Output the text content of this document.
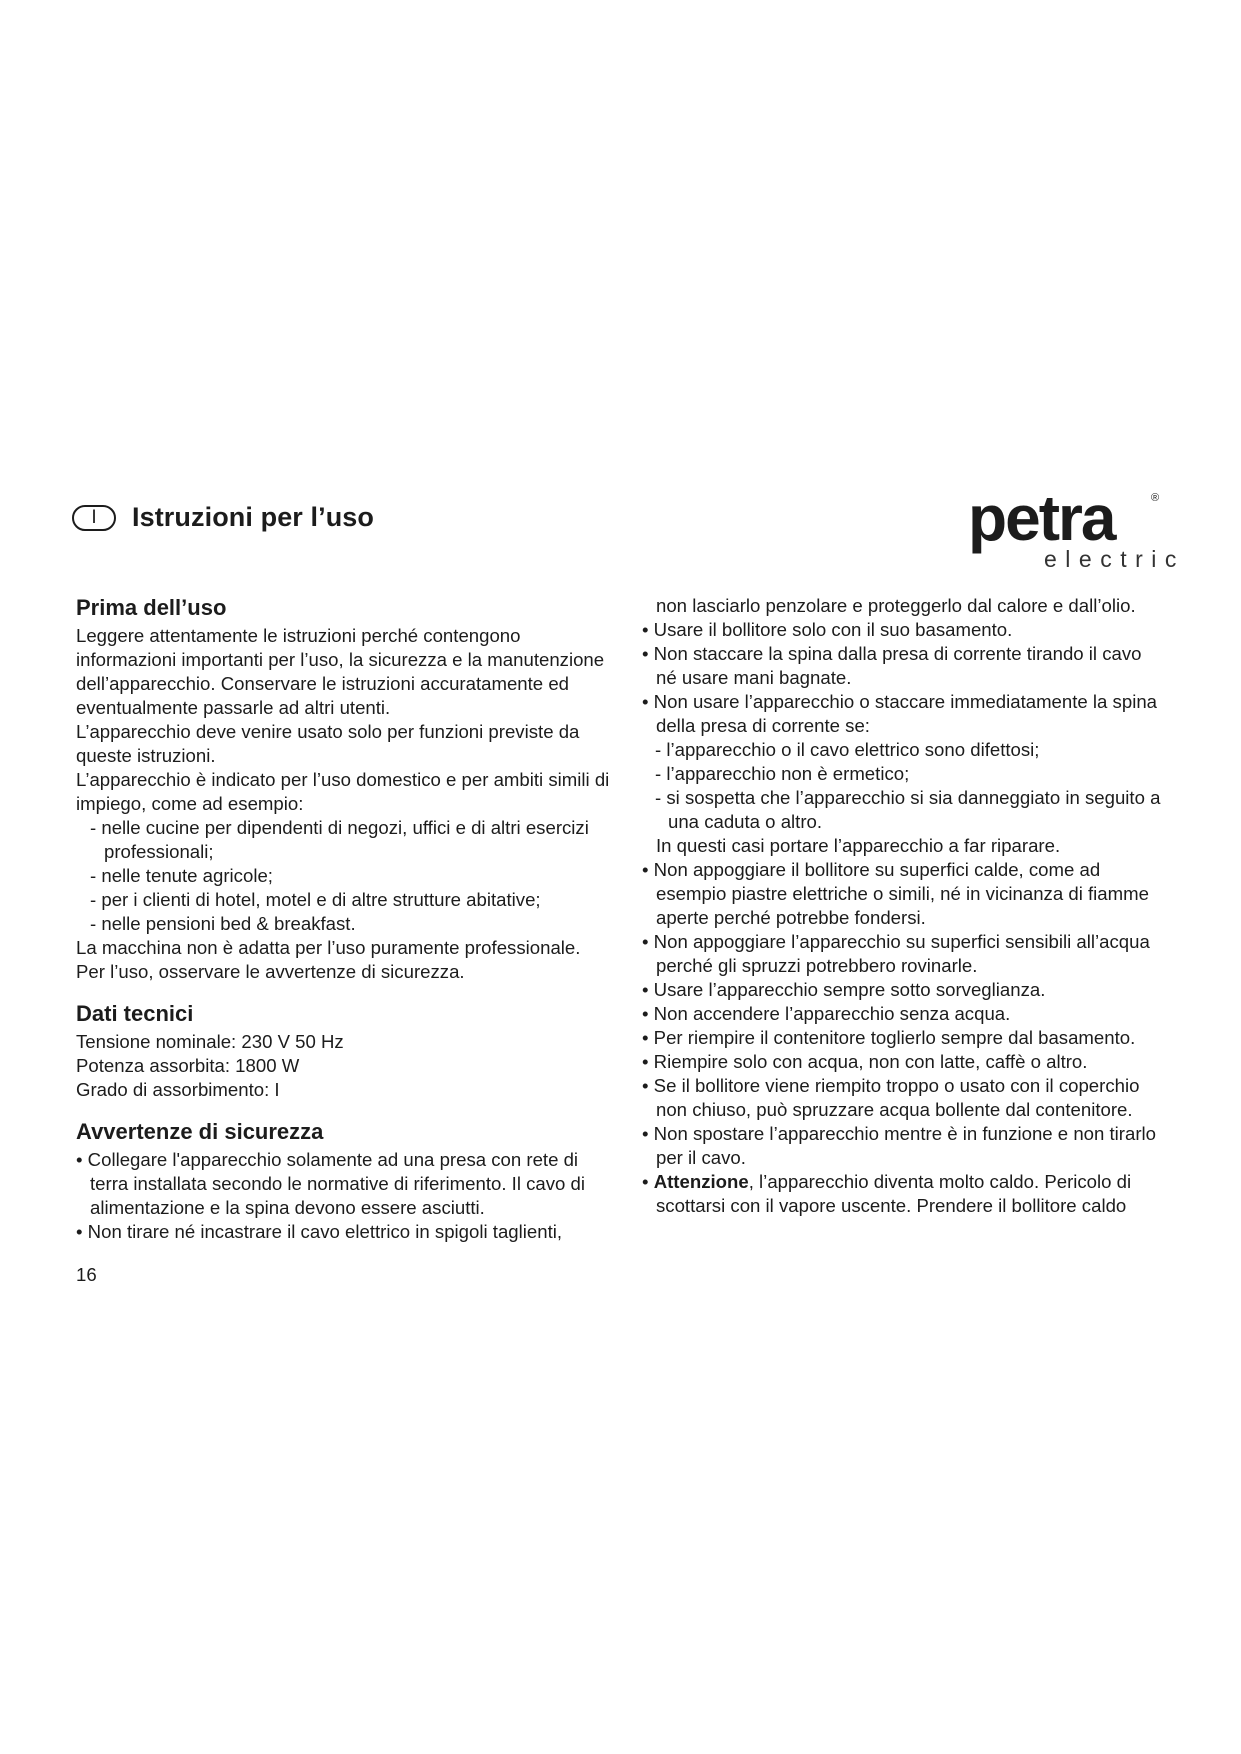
I	Istruzioni per l’uso	petra	®
electric
Prima dell’uso

Leggere attentamente le istruzioni perché contengono informazioni importanti per l’uso, la sicurezza e la manutenzione dell’apparecchio. Conservare le istruzioni accuratamente ed eventualmente passarle ad altri utenti.

L’apparecchio deve venire usato solo per funzioni previste da queste istruzioni.

L’apparecchio è indicato per l’uso domestico e per ambiti simili di impiego, come ad esempio:

- nelle cucine per dipendenti di negozi, uffici e di altri esercizi professionali;

- nelle tenute agricole;

- per i clienti di hotel, motel e di altre strutture abitative;

- nelle pensioni bed & breakfast.

La macchina non è adatta per l’uso puramente professionale.

Per l’uso, osservare le avvertenze di sicurezza.

Dati tecnici

Tensione nominale: 230 V 50 Hz

Potenza assorbita: 1800 W

Grado di assorbimento: I

Avvertenze di sicurezza

• Collegare l'apparecchio solamente ad una presa con rete di terra installata secondo le normative di riferimento. Il cavo di alimentazione e la spina devono essere asciutti.

• Non tirare né incastrare il cavo elettrico in spigoli taglienti,

16

non lasciarlo penzolare e proteggerlo dal calore e dall’olio.

• Usare il bollitore solo con il suo basamento.

• Non staccare la spina dalla presa di corrente tirando il cavo né usare mani bagnate.

• Non usare l’apparecchio o staccare immediatamente la spina della presa di corrente se:

- l’apparecchio o il cavo elettrico sono difettosi;

- l’apparecchio non è ermetico;

- si sospetta che l’apparecchio si sia danneggiato in seguito a una caduta o altro.

In questi casi portare l’apparecchio a far riparare.

• Non appoggiare il bollitore su superfici calde, come ad esempio piastre elettriche o simili, né in vicinanza di fiamme aperte perché potrebbe fondersi.

• Non appoggiare l’apparecchio su superfici sensibili all’acqua perché gli spruzzi potrebbero rovinarle.

• Usare l’apparecchio sempre sotto sorveglianza.

• Non accendere l’apparecchio senza acqua.

• Per riempire il contenitore toglierlo sempre dal basamento.

• Riempire solo con acqua, non con latte, caffè o altro.

• Se il bollitore viene riempito troppo o usato con il coperchio non chiuso, può spruzzare acqua bollente dal contenitore.

• Non spostare l’apparecchio mentre è in funzione e non tirarlo per il cavo.

• Attenzione, l’apparecchio diventa molto caldo. Pericolo di scottarsi con il vapore uscente. Prendere il bollitore caldo
